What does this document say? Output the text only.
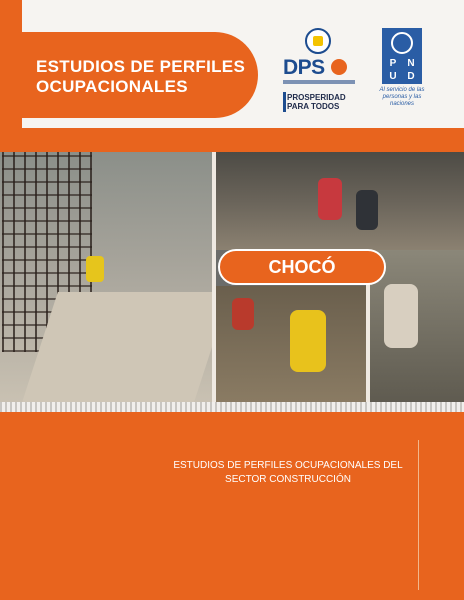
ESTUDIOS DE PERFILES
OCUPACIONALES
DPS
PROSPERIDAD PARA TODOS
P	N
U	D
Al servicio de las personas y las naciones
CHOCÓ
ESTUDIOS DE PERFILES OCUPACIONALES DEL
SECTOR CONSTRUCCIÓN
